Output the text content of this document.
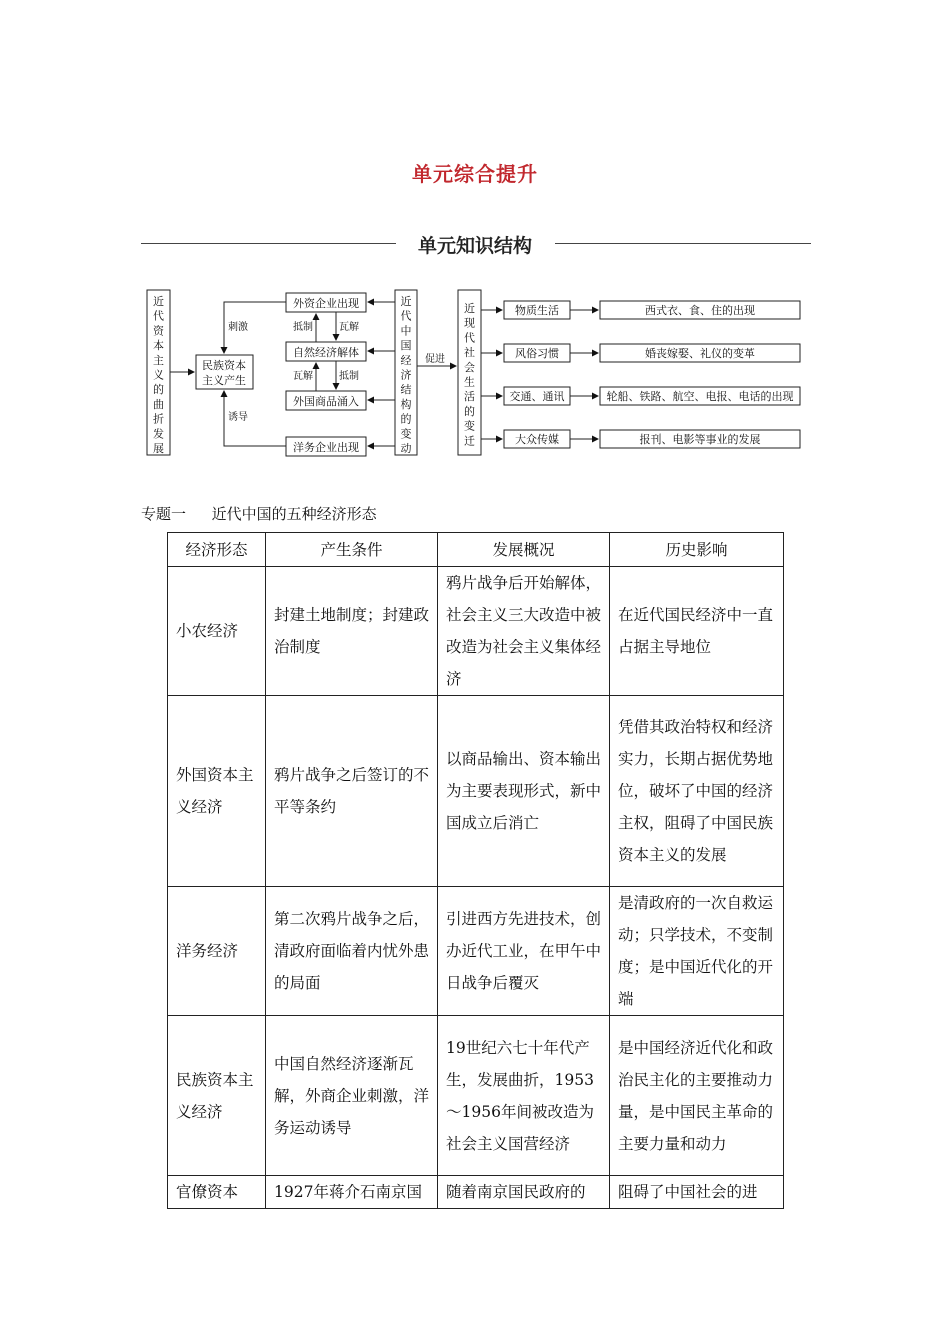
单元综合提升
单元知识结构
近代资本主义的曲折发展
民族资本
主义产生
刺激
诱导
外资企业出现
自然经济解体
外国商品涌入
洋务企业出现
抵制	瓦解
瓦解	抵制
近代中国经济结构的变动
促进
近现代社会生活的变迁
物质生活
风俗习惯
交通、通讯
大众传媒
西式衣、食、住的出现
婚丧嫁娶、礼仪的变革
轮船、铁路、航空、电报、电话的出现
报刊、电影等事业的发展
专题一 近代中国的五种经济形态
经济形态	产生条件	发展概况	历史影响
小农经济	封建土地制度；封建政治制度	鸦片战争后开始解体，社会主义三大改造中被改造为社会主义集体经济	在近代国民经济中一直占据主导地位
外国资本主义经济	鸦片战争之后签订的不平等条约	以商品输出、资本输出为主要表现形式，新中国成立后消亡	凭借其政治特权和经济实力，长期占据优势地位，破坏了中国的经济主权，阻碍了中国民族资本主义的发展
洋务经济	第二次鸦片战争之后，清政府面临着内忧外患的局面	引进西方先进技术，创办近代工业，在甲午中日战争后覆灭	是清政府的一次自救运动；只学技术，不变制度；是中国近代化的开端
民族资本主义经济	中国自然经济逐渐瓦解，外商企业刺激，洋务运动诱导	19世纪六七十年代产生，发展曲折，1953～1956年间被改造为社会主义国营经济	是中国经济近代化和政治民主化的主要推动力量，是中国民主革命的主要力量和动力
官僚资本	1927年蒋介石南京国	随着南京国民政府的	阻碍了中国社会的进
